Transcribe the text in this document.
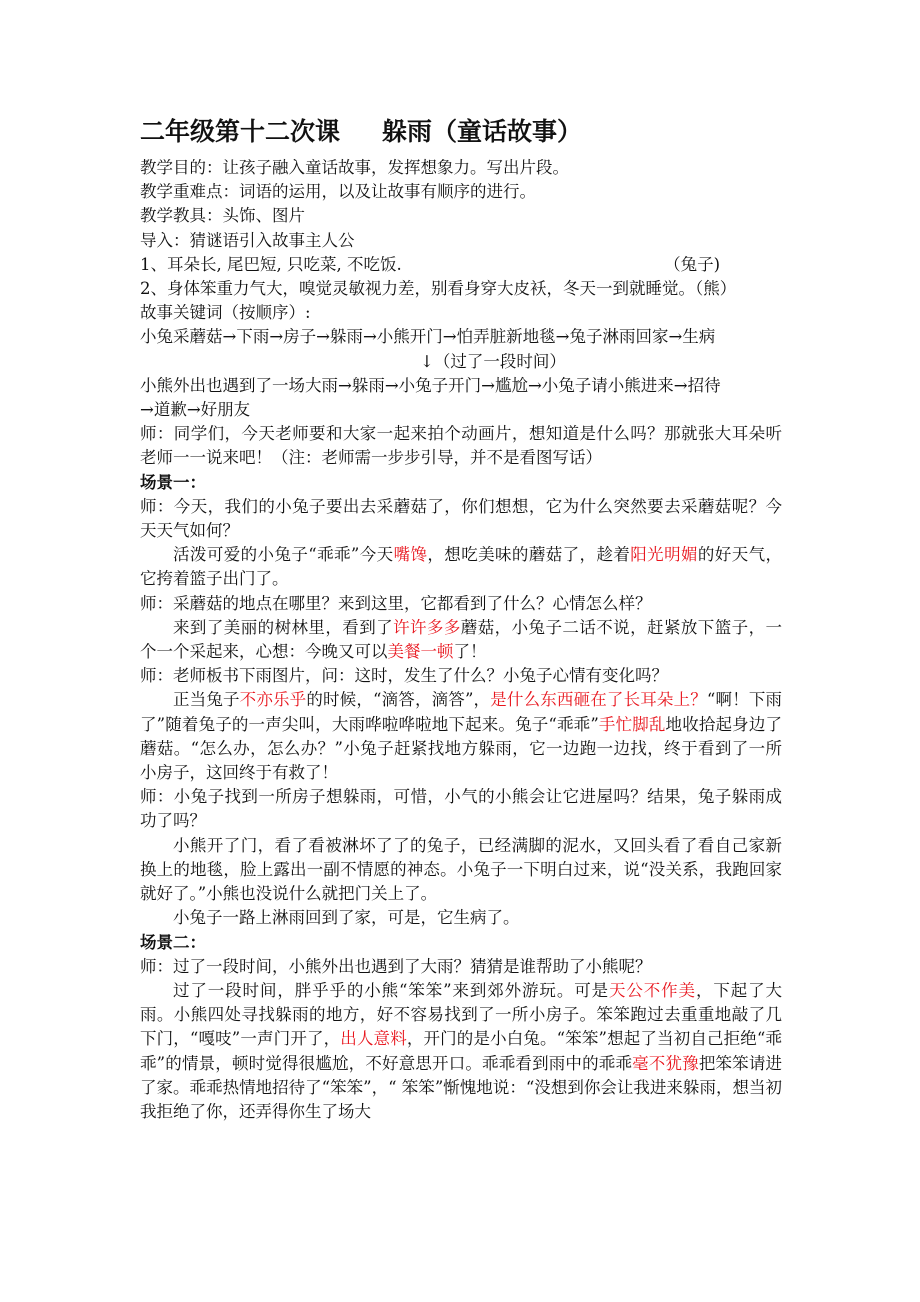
二年级第十二次课 躲雨（童话故事）

教学目的：让孩子融入童话故事，发挥想象力。写出片段。

教学重难点：词语的运用，以及让故事有顺序的进行。

教学教具：头饰、图片

导入：猜谜语引入故事主人公

1、耳朵长, 尾巴短, 只吃菜, 不吃饭.	（兔子)

2、身体笨重力气大，嗅觉灵敏视力差，别看身穿大皮袄，冬天一到就睡觉。（熊）

故事关键词（按顺序）:

小兔采蘑菇→下雨→房子→躲雨→小熊开门→怕弄脏新地毯→兔子淋雨回家→生病

↓（过了一段时间）

小熊外出也遇到了一场大雨→躲雨→小兔子开门→尴尬→小兔子请小熊进来→招待

→道歉→好朋友

师：同学们，今天老师要和大家一起来拍个动画片，想知道是什么吗？那就张大耳朵听老师一一说来吧！（注：老师需一步步引导，并不是看图写话）

场景一：

师：今天，我们的小兔子要出去采蘑菇了，你们想想，它为什么突然要去采蘑菇呢？今天天气如何？

活泼可爱的小兔子“乖乖”今天嘴馋，想吃美味的蘑菇了，趁着阳光明媚的好天气，它挎着篮子出门了。

师：采蘑菇的地点在哪里？来到这里，它都看到了什么？心情怎么样？

来到了美丽的树林里，看到了许许多多蘑菇，小兔子二话不说，赶紧放下篮子，一个一个采起来，心想：今晚又可以美餐一顿了！

师：老师板书下雨图片，问：这时，发生了什么？小兔子心情有变化吗？

正当兔子不亦乐乎的时候，“滴答，滴答”，是什么东西砸在了长耳朵上？“啊！下雨了”随着兔子的一声尖叫，大雨哗啦哗啦地下起来。兔子“乖乖”手忙脚乱地收拾起身边了蘑菇。“怎么办，怎么办？”小兔子赶紧找地方躲雨，它一边跑一边找，终于看到了一所小房子，这回终于有救了！

师：小兔子找到一所房子想躲雨，可惜，小气的小熊会让它进屋吗？结果，兔子躲雨成功了吗？

小熊开了门，看了看被淋坏了了的兔子，已经满脚的泥水，又回头看了看自己家新换上的地毯，脸上露出一副不情愿的神态。小兔子一下明白过来，说“没关系，我跑回家就好了。”小熊也没说什么就把门关上了。

小兔子一路上淋雨回到了家，可是，它生病了。

场景二：

师：过了一段时间，小熊外出也遇到了大雨？猜猜是谁帮助了小熊呢？

过了一段时间，胖乎乎的小熊“笨笨”来到郊外游玩。可是天公不作美，下起了大雨。小熊四处寻找躲雨的地方，好不容易找到了一所小房子。笨笨跑过去重重地敲了几下门，“嘎吱”一声门开了，出人意料，开门的是小白兔。“笨笨”想起了当初自己拒绝“乖乖”的情景，顿时觉得很尴尬，不好意思开口。乖乖看到雨中的乖乖毫不犹豫把笨笨请进了家。乖乖热情地招待了“笨笨”，“ 笨笨”惭愧地说：“没想到你会让我进来躲雨，想当初我拒绝了你，还弄得你生了场大
